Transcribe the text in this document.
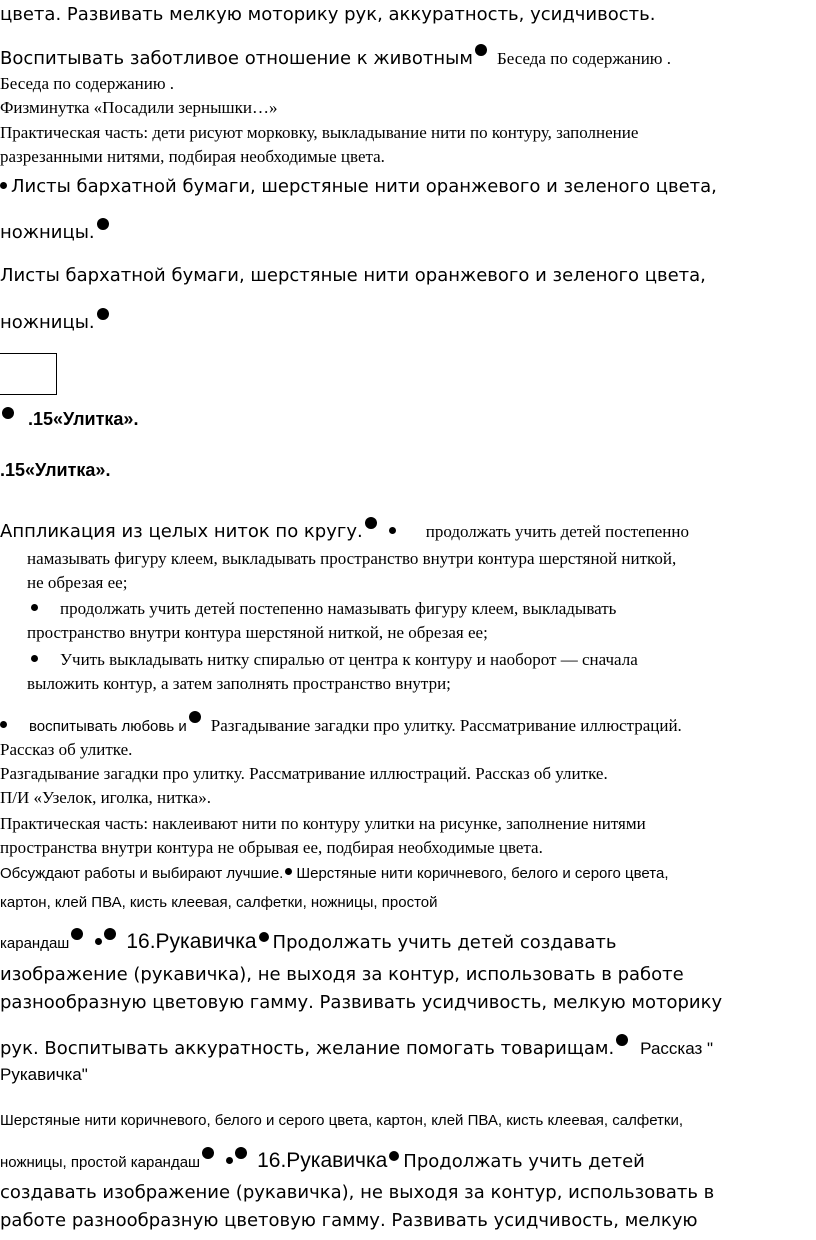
цвета. Развивать мелкую моторику рук, аккуратность, усидчивость.

Воспитывать заботливое отношение к животным Беседа по содержанию .

Беседа по содержанию .

Физминутка «Посадили зернышки…»

Практическая часть: дети рисуют морковку, выкладывание нити по контуру, заполнение

разрезанными нитями, подбирая необходимые цвета.

Листы бархатной бумаги, шерстяные нити оранжевого и зеленого цвета,

ножницы.

Листы бархатной бумаги, шерстяные нити оранжевого и зеленого цвета,

ножницы.

.15«Улитка».

.15«Улитка».

Аппликация из целых ниток по кругу.	продолжать учить детей постепенно

намазывать фигуру клеем, выкладывать пространство внутри контура шерстяной ниткой,

не обрезая ее;

продолжать учить детей постепенно намазывать фигуру клеем, выкладывать

пространство внутри контура шерстяной ниткой, не обрезая ее;

Учить выкладывать нитку спиралью от центра к контуру и наоборот — сначала

выложить контур, а затем заполнять пространство внутри;

воспитывать любовь и Разгадывание загадки про улитку. Рассматривание иллюстраций.

Рассказ об улитке.

Разгадывание загадки про улитку. Рассматривание иллюстраций. Рассказ об улитке.

П/И «Узелок, иголка, нитка».

Практическая часть: наклеивают нити по контуру улитки на рисунке, заполнение нитями

пространства внутри контура не обрывая ее, подбирая необходимые цвета.

Обсуждают работы и выбирают лучшие. Шерстяные нити коричневого, белого и серого цвета,

картон, клей ПВА, кисть клеевая, салфетки, ножницы, простой

карандаш	16.Рукавичка Продолжать учить детей создавать

изображение (рукавичка), не выходя за контур, использовать в работе

разнообразную цветовую гамму. Развивать усидчивость, мелкую моторику

рук. Воспитывать аккуратность, желание помогать товарищам. Рассказ "

Рукавичка"

Шерстяные нити коричневого, белого и серого цвета, картон, клей ПВА, кисть клеевая, салфетки,

ножницы, простой карандаш	16.Рукавичка Продолжать учить детей

создавать изображение (рукавичка), не выходя за контур, использовать в

работе разнообразную цветовую гамму. Развивать усидчивость, мелкую
